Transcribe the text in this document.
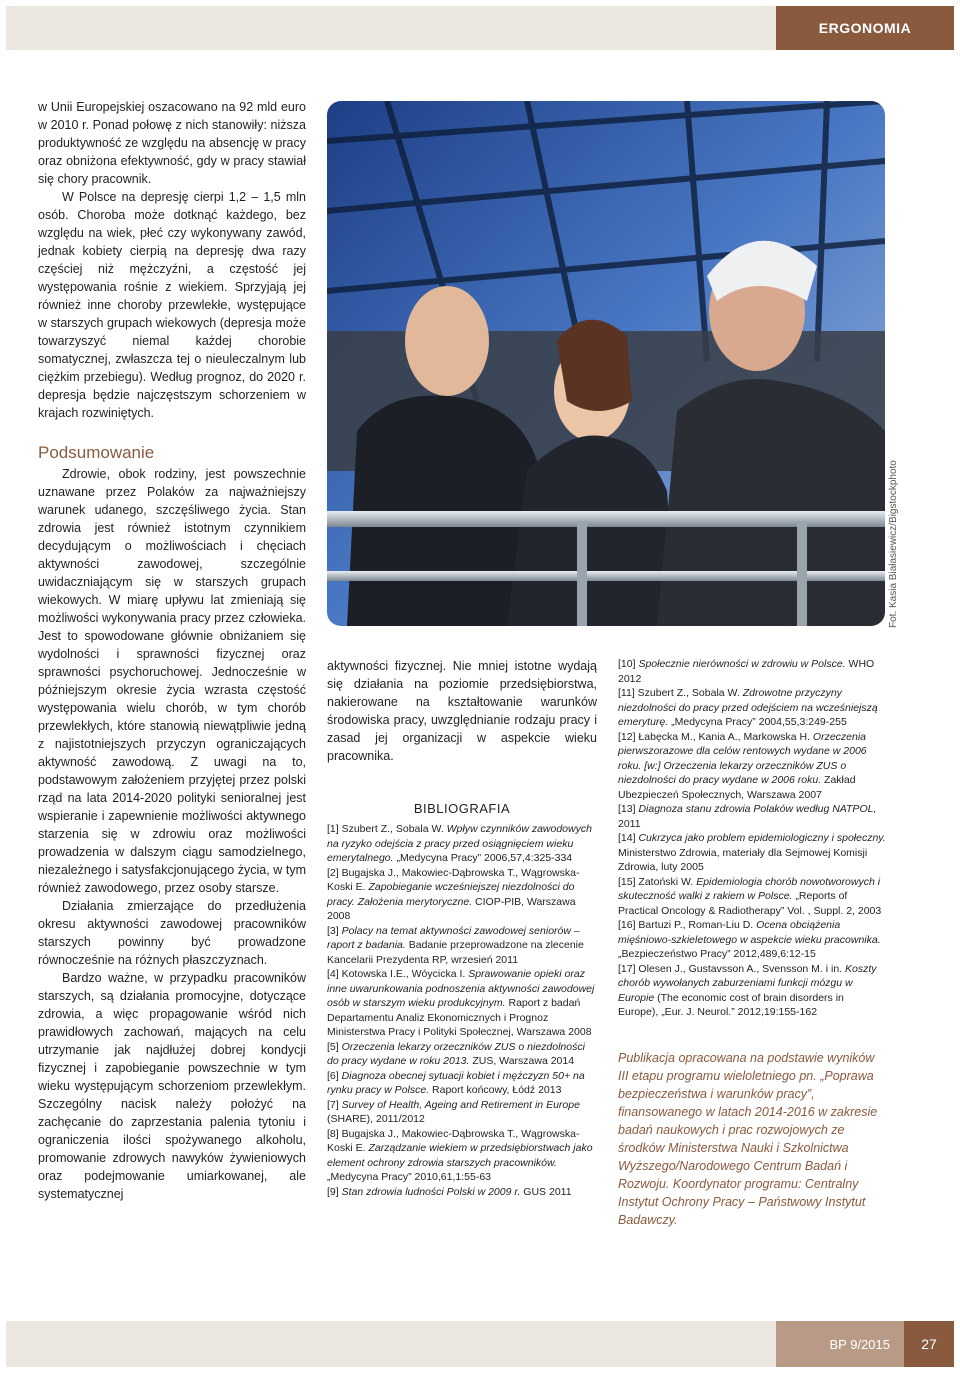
ERGONOMIA

w Unii Europejskiej oszacowano na 92 mld euro w 2010 r. Ponad połowę z nich stanowiły: niższa produktywność ze względu na absencję w pracy oraz obniżona efektywność, gdy w pracy stawiał się chory pracownik.

W Polsce na depresję cierpi 1,2 – 1,5 mln osób. Choroba może dotknąć każdego, bez względu na wiek, płeć czy wykonywany zawód, jednak kobiety cierpią na depresję dwa razy częściej niż mężczyźni, a częstość jej występowania rośnie z wiekiem. Sprzyjają jej również inne choroby przewlekłe, występujące w starszych grupach wiekowych (depresja może towarzyszyć niemal każdej chorobie somatycznej, zwłaszcza tej o nieuleczalnym lub ciężkim przebiegu). Według prognoz, do 2020 r. depresja będzie najczęstszym schorzeniem w krajach rozwiniętych.

Podsumowanie

Zdrowie, obok rodziny, jest powszechnie uznawane przez Polaków za najważniejszy warunek udanego, szczęśliwego życia. Stan zdrowia jest również istotnym czynnikiem decydującym o możliwościach i chęciach aktywności zawodowej, szczególnie uwidaczniającym się w starszych grupach wiekowych. W miarę upływu lat zmieniają się możliwości wykonywania pracy przez człowieka. Jest to spowodowane głównie obniżaniem się wydolności i sprawności fizycznej oraz sprawności psychoruchowej. Jednocześnie w późniejszym okresie życia wzrasta częstość występowania wielu chorób, w tym chorób przewlekłych, które stanowią niewątpliwie jedną z najistotniejszych przyczyn ograniczających aktywność zawodową. Z uwagi na to, podstawowym założeniem przyjętej przez polski rząd na lata 2014-2020 polityki senioralnej jest wspieranie i zapewnienie możliwości aktywnego starzenia się w zdrowiu oraz możliwości prowadzenia w dalszym ciągu samodzielnego, niezależnego i satysfakcjonującego życia, w tym również zawodowego, przez osoby starsze.

Działania zmierzające do przedłużenia okresu aktywności zawodowej pracowników starszych powinny być prowadzone równocześnie na różnych płaszczyznach.

Bardzo ważne, w przypadku pracowników starszych, są działania promocyjne, dotyczące zdrowia, a więc propagowanie wśród nich prawidłowych zachowań, mających na celu utrzymanie jak najdłużej dobrej kondycji fizycznej i zapobieganie powszechnie w tym wieku występującym schorzeniom przewlekłym. Szczególny nacisk należy położyć na zachęcanie do zaprzestania palenia tytoniu i ograniczenia ilości spożywanego alkoholu, promowanie zdrowych nawyków żywieniowych oraz podejmowanie umiarkowanej, ale systematycznej

Fot. Kasia Białasiewicz/Bigstockphoto

aktywności fizycznej. Nie mniej istotne wydają się działania na poziomie przedsiębiorstwa, nakierowane na kształtowanie warunków środowiska pracy, uwzględnianie rodzaju pracy i zasad jej organizacji w aspekcie wieku pracownika.

BIBLIOGRAFIA

[1] Szubert Z., Sobala W. Wpływ czynników zawodowych na ryzyko odejścia z pracy przed osiągnięciem wieku emerytalnego. „Medycyna Pracy” 2006,57,4:325-334

[2] Bugajska J., Makowiec-Dąbrowska T., Wągrowska-Koski E. Zapobieganie wcześniejszej niezdolności do pracy. Założenia merytoryczne. CIOP-PIB, Warszawa 2008

[3] Polacy na temat aktywności zawodowej seniorów – raport z badania. Badanie przeprowadzone na zlecenie Kancelarii Prezydenta RP, wrzesień 2011

[4] Kotowska I.E., Wóycicka I. Sprawowanie opieki oraz inne uwarunkowania podnoszenia aktywności zawodowej osób w starszym wieku produkcyjnym. Raport z badań Departamentu Analiz Ekonomicznych i Prognoz Ministerstwa Pracy i Polityki Społecznej, Warszawa 2008

[5] Orzeczenia lekarzy orzeczników ZUS o niezdolności do pracy wydane w roku 2013. ZUS, Warszawa 2014

[6] Diagnoza obecnej sytuacji kobiet i mężczyzn 50+ na rynku pracy w Polsce. Raport końcowy, Łódź 2013

[7] Survey of Health, Ageing and Retirement in Europe (SHARE), 2011/2012

[8] Bugajska J., Makowiec-Dąbrowska T., Wągrowska-Koski E. Zarządzanie wiekiem w przedsiębiorstwach jako element ochrony zdrowia starszych pracowników. „Medycyna Pracy” 2010,61,1:55-63

[9] Stan zdrowia ludności Polski w 2009 r. GUS 2011

[10] Społecznie nierówności w zdrowiu w Polsce. WHO 2012

[11] Szubert Z., Sobala W. Zdrowotne przyczyny niezdolności do pracy przed odejściem na wcześniejszą emeryturę. „Medycyna Pracy” 2004,55,3:249-255

[12] Łabęcka M., Kania A., Markowska H. Orzeczenia pierwszorazowe dla celów rentowych wydane w 2006 roku. [w:] Orzeczenia lekarzy orzeczników ZUS o niezdolności do pracy wydane w 2006 roku. Zakład Ubezpieczeń Społecznych, Warszawa 2007

[13] Diagnoza stanu zdrowia Polaków według NATPOL, 2011

[14] Cukrzyca jako problem epidemiologiczny i społeczny. Ministerstwo Zdrowia, materiały dla Sejmowej Komisji Zdrowia, luty 2005

[15] Zatoński W. Epidemiologia chorób nowotworowych i skuteczność walki z rakiem w Polsce. „Reports of Practical Oncology & Radiotherapy” Vol. , Suppl. 2, 2003

[16] Bartuzi P., Roman-Liu D. Ocena obciążenia mięśniowo-szkieletowego w aspekcie wieku pracownika. „Bezpieczeństwo Pracy” 2012,489,6:12-15

[17] Olesen J., Gustavsson A., Svensson M. i in. Koszty chorób wywołanych zaburzeniami funkcji mózgu w Europie (The economic cost of brain disorders in Europe), „Eur. J. Neurol.” 2012,19:155-162

Publikacja opracowana na podstawie wyników III etapu programu wieloletniego pn. „Poprawa bezpieczeństwa i warunków pracy”, finansowanego w latach 2014-2016 w zakresie badań naukowych i prac rozwojowych ze środków Ministerstwa Nauki i Szkolnictwa Wyższego/Narodowego Centrum Badań i Rozwoju. Koordynator programu: Centralny Instytut Ochrony Pracy – Państwowy Instytut Badawczy.
BP 9/2015	27
